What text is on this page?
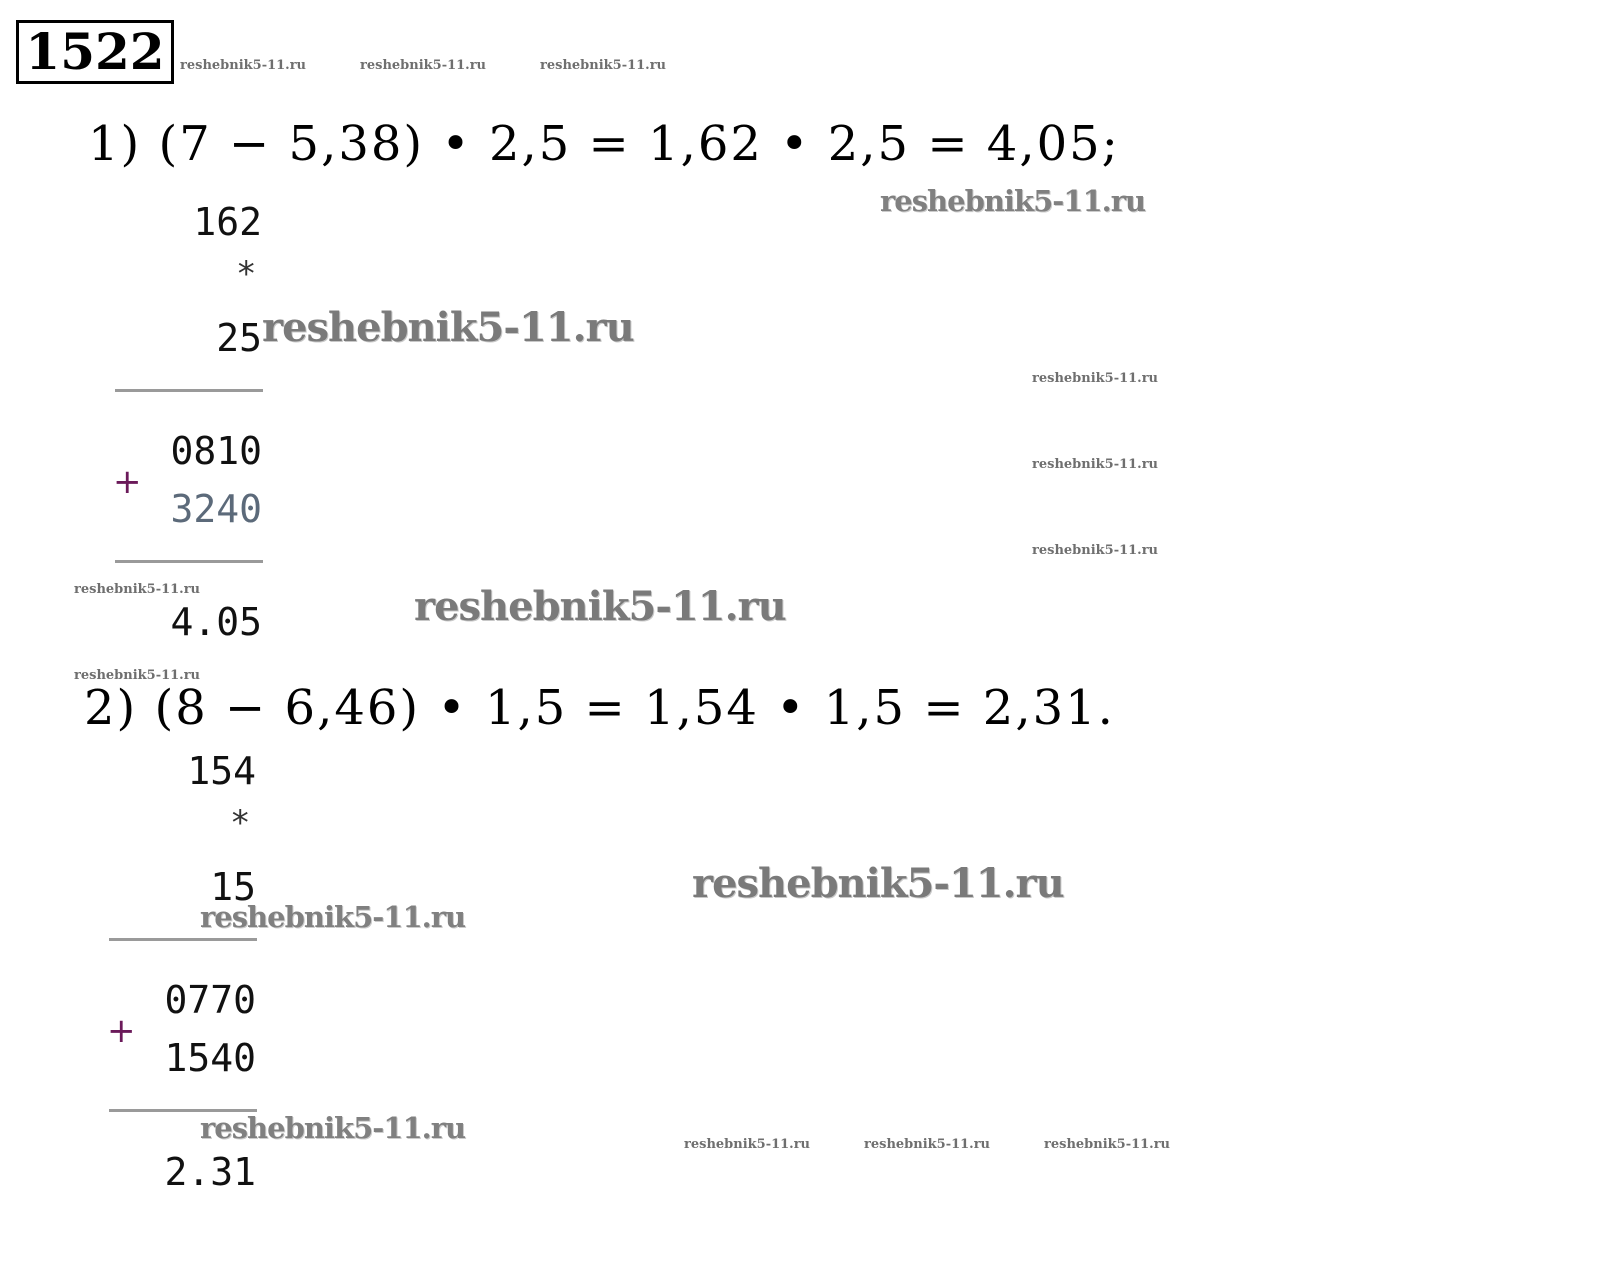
1522
1) (7 − 5,38) • 2,5 = 1,62 • 2,5 = 4,05;
162
*
25
0810
+
3240
4.05
2) (8 − 6,46) • 1,5 = 1,54 • 1,5 = 2,31.
154
*
15
0770
+
1540
2.31
reshebnik5-11.ru	reshebnik5-11.ru	reshebnik5-11.ru
reshebnik5-11.ru
reshebnik5-11.ru
reshebnik5-11.ru
reshebnik5-11.ru
reshebnik5-11.ru
reshebnik5-11.ru	reshebnik5-11.ru
reshebnik5-11.ru
reshebnik5-11.ru
reshebnik5-11.ru
reshebnik5-11.ru	reshebnik5-11.ru	reshebnik5-11.ru	reshebnik5-11.ru
